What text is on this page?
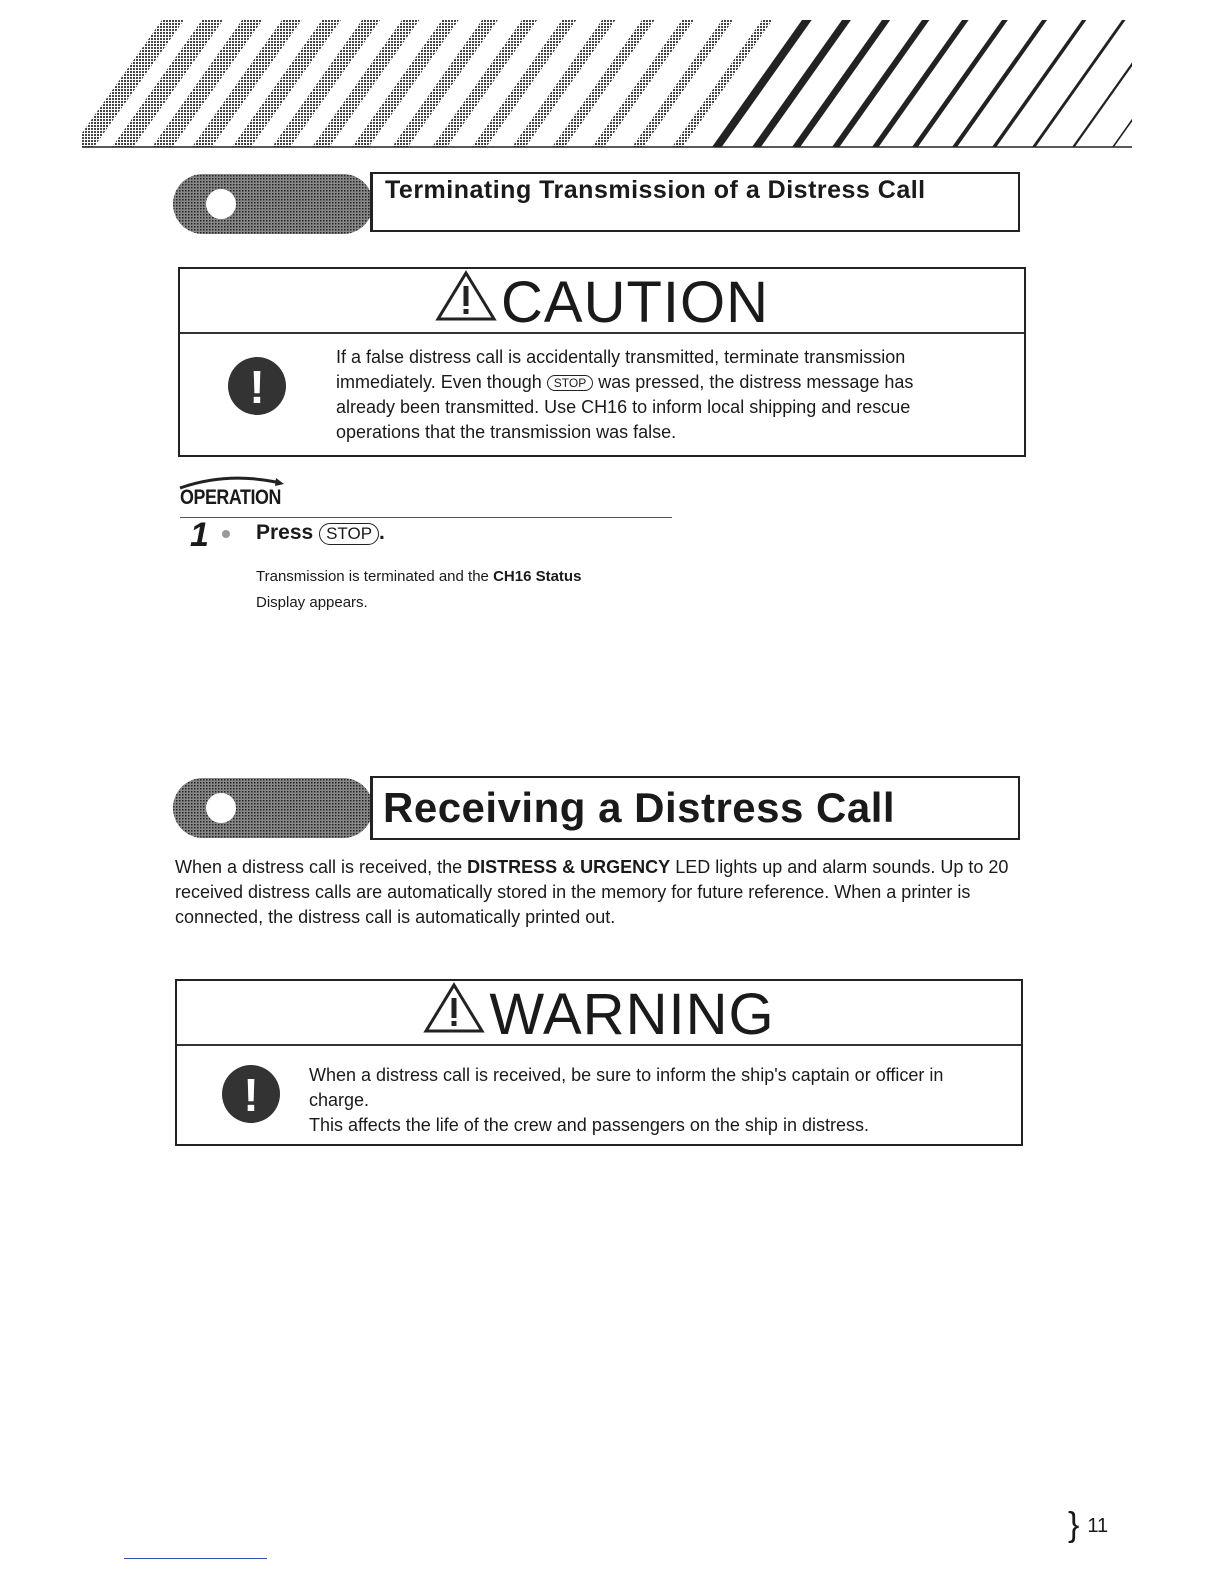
Terminating Transmission of a Distress Call
CAUTION
!
If a false distress call is accidentally transmitted, terminate transmission immediately. Even though STOP was pressed, the distress message has already been transmitted. Use CH16 to inform local shipping and rescue operations that the transmission was false.
OPERATION
1 Press STOP .
Transmission is terminated and the CH16 Status
Display appears.
Receiving a Distress Call
When a distress call is received, the DISTRESS & URGENCY LED lights up and alarm sounds. Up to 20 received distress calls are automatically stored in the memory for future reference. When a printer is connected, the distress call is automatically printed out.
WARNING
!	When a distress call is received, be sure to inform the ship's captain or officer in charge.
This affects the life of the crew and passengers on the ship in distress.
} 11
